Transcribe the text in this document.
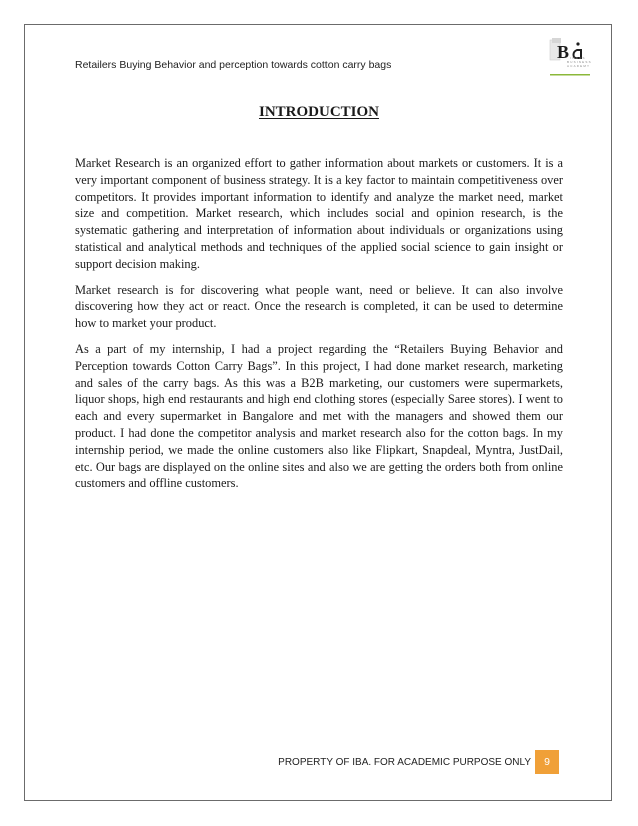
Retailers Buying Behavior and perception towards cotton carry bags
B INDUS BUSINESS ACADEMY
INTRODUCTION

Market Research is an organized effort to gather information about markets or customers. It is a very important component of business strategy. It is a key factor to maintain competitiveness over competitors. It provides important information to identify and analyze the market need, market size and competition. Market research, which includes social and opinion research, is the systematic gathering and interpretation of information about individuals or organizations using statistical and analytical methods and techniques of the applied social science to gain insight or support decision making.

Market research is for discovering what people want, need or believe. It can also involve discovering how they act or react. Once the research is completed, it can be used to determine how to market your product.

As a part of my internship, I had a project regarding the “Retailers Buying Behavior and Perception towards Cotton Carry Bags”. In this project, I had done market research, marketing and sales of the carry bags. As this was a B2B marketing, our customers were supermarkets, liquor shops, high end restaurants and high end clothing stores (especially Saree stores). I went to each and every supermarket in Bangalore and met with the managers and showed them our product. I had done the competitor analysis and market research also for the cotton bags. In my internship period, we made the online customers also like Flipkart, Snapdeal, Myntra, JustDail, etc. Our bags are displayed on the online sites and also we are getting the orders both from online customers and offline customers.

PROPERTY OF IBA. FOR ACADEMIC PURPOSE ONLY	9
